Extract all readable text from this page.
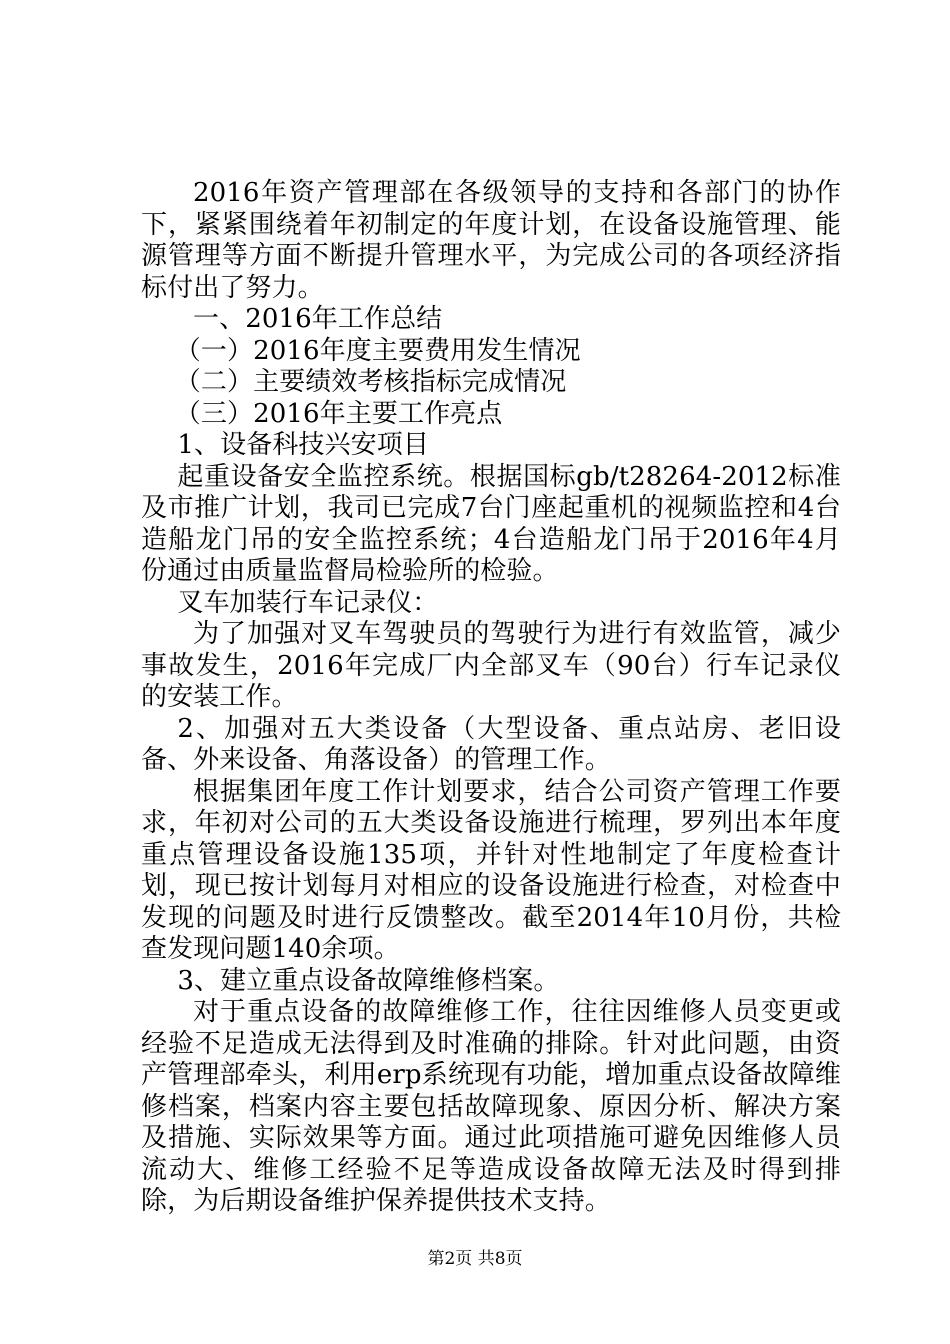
2016年资产管理部在各级领导的支持和各部门的协作下，紧紧围绕着年初制定的年度计划，在设备设施管理、能源管理等方面不断提升管理水平，为完成公司的各项经济指标付出了努力。

一、2016年工作总结

（一）2016年度主要费用发生情况

（二）主要绩效考核指标完成情况

（三）2016年主要工作亮点

1、设备科技兴安项目

起重设备安全监控系统。根据国标gb/t28264-2012标准及市推广计划，我司已完成7台门座起重机的视频监控和4台造船龙门吊的安全监控系统；4台造船龙门吊于2016年4月份通过由质量监督局检验所的检验。

叉车加装行车记录仪：

为了加强对叉车驾驶员的驾驶行为进行有效监管，减少事故发生，2016年完成厂内全部叉车（90台）行车记录仪的安装工作。

2、加强对五大类设备（大型设备、重点站房、老旧设备、外来设备、角落设备）的管理工作。

根据集团年度工作计划要求，结合公司资产管理工作要求，年初对公司的五大类设备设施进行梳理，罗列出本年度重点管理设备设施135项，并针对性地制定了年度检查计划，现已按计划每月对相应的设备设施进行检查，对检查中发现的问题及时进行反馈整改。截至2014年10月份，共检查发现问题140余项。

3、建立重点设备故障维修档案。

对于重点设备的故障维修工作，往往因维修人员变更或经验不足造成无法得到及时准确的排除。针对此问题，由资产管理部牵头，利用erp系统现有功能，增加重点设备故障维修档案，档案内容主要包括故障现象、原因分析、解决方案及措施、实际效果等方面。通过此项措施可避免因维修人员流动大、维修工经验不足等造成设备故障无法及时得到排除，为后期设备维护保养提供技术支持。

第2页 共8页
